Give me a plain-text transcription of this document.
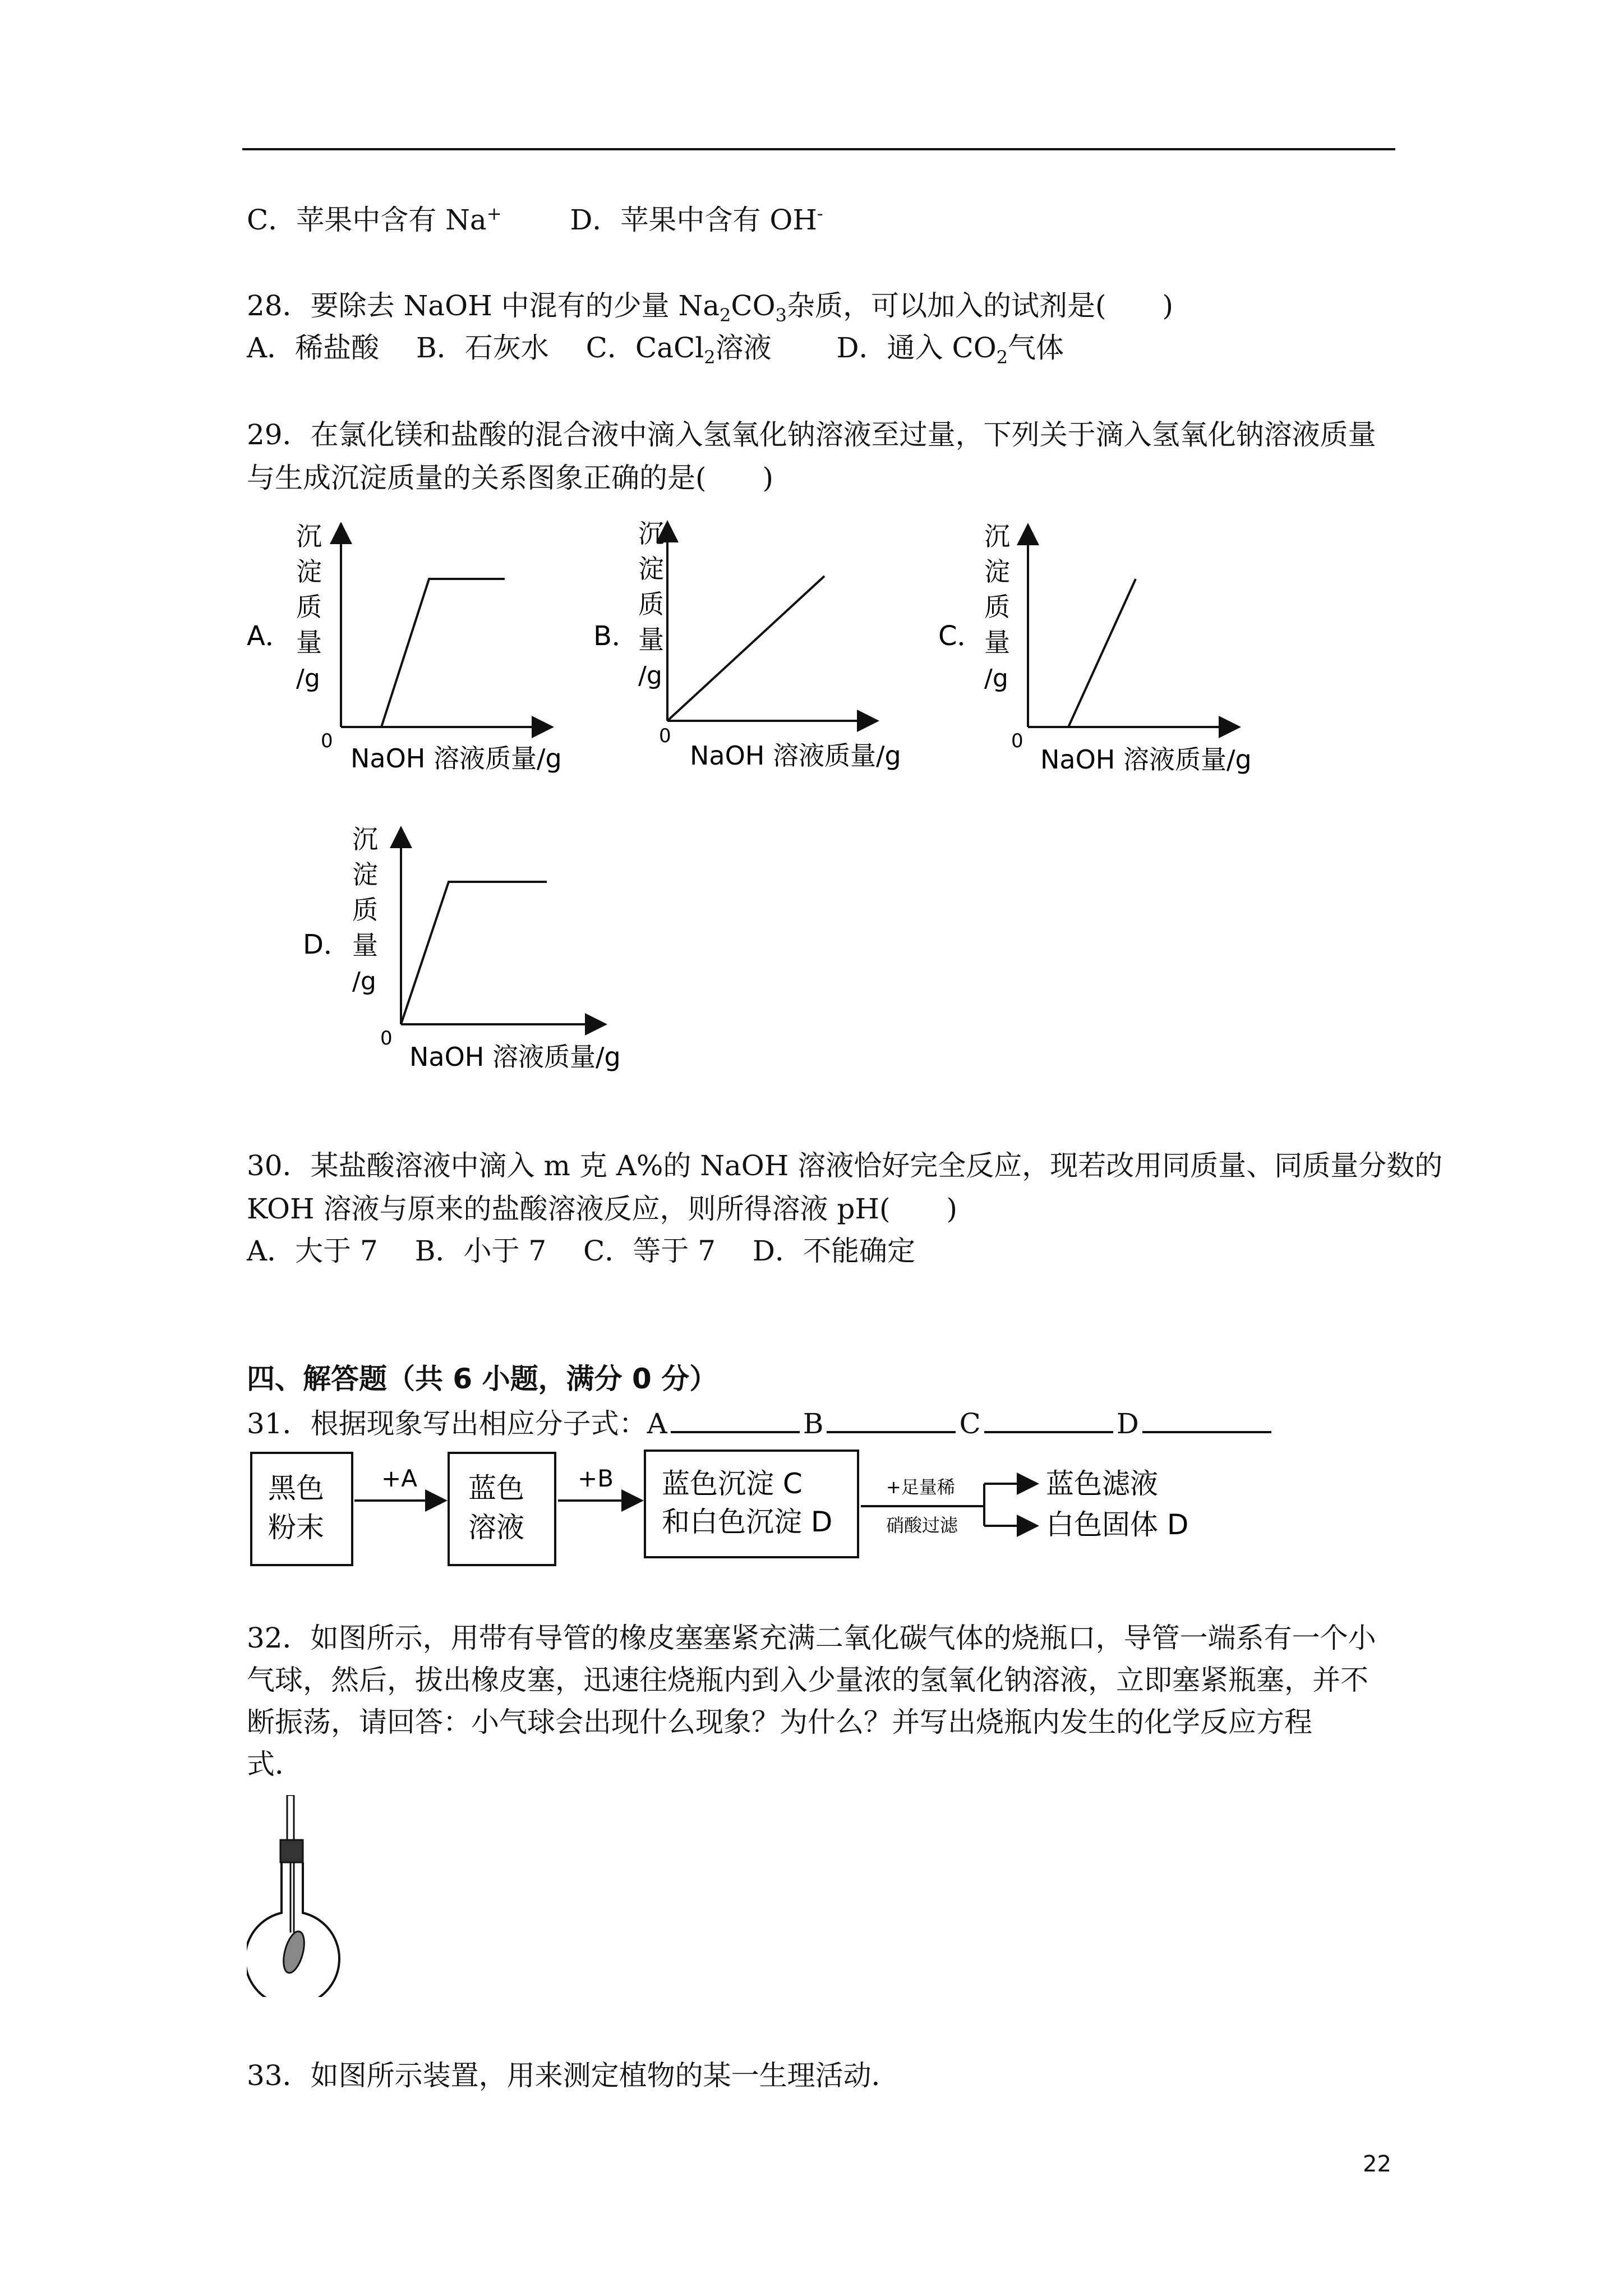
C．苹果中含有 Na+ D．苹果中含有 OH-
28．要除去 NaOH 中混有的少量 $Na_2CO_3$杂质，可以加入的试剂是(　　)
A．稀盐酸　 B．石灰水　 C．CaCl$_2$溶液　　 D．通入 $CO_2$气体
29．在氯化镁和盐酸的混合液中滴入氢氧化钠溶液至过量，下列关于滴入氢氧化钠溶液质量
与生成沉淀质量的关系图象正确的是(　　)
A．
沉
淀
质
量
/g
0
NaOH 溶液质量/g
B．
沉
淀
质
量
/g
0
NaOH 溶液质量/g
C．
沉
淀
质
量
/g
0
NaOH 溶液质量/g
D．
沉
淀
质
量
/g
0
NaOH 溶液质量/g
30．某盐酸溶液中滴入 m 克 A%的 NaOH 溶液恰好完全反应，现若改用同质量、同质量分数的
KOH 溶液与原来的盐酸溶液反应，则所得溶液 pH(　　)
A．大于 7　 B．小于 7　 C．等于 7　 D．不能确定
四、解答题（共 6 小题，满分 0 分）
31．根据现象写出相应分子式：A	B	C	D
黑色
粉末
+A 蓝色
溶液
+B 蓝色沉淀 C
和白色沉淀 D
+足量稀
硝酸过滤
蓝色滤液
白色固体 D
32．如图所示，用带有导管的橡皮塞塞紧充满二氧化碳气体的烧瓶口，导管一端系有一个小
气球，然后，拔出橡皮塞，迅速往烧瓶内到入少量浓的氢氧化钠溶液，立即塞紧瓶塞，并不
断振荡，请回答：小气球会出现什么现象？为什么？并写出烧瓶内发生的化学反应方程
式．
33．如图所示装置，用来测定植物的某一生理活动．
22
